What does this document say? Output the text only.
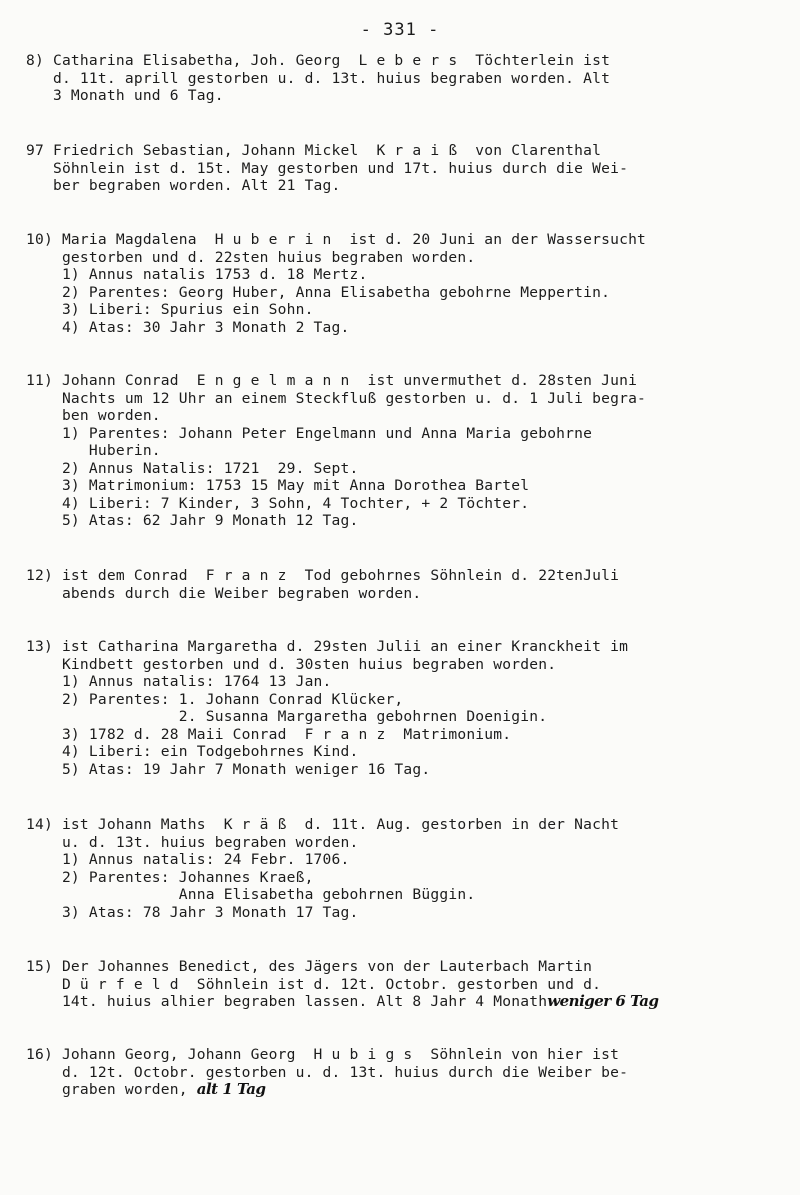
- 331 -
8) Catharina Elisabetha, Joh. Georg  L e b e r s  Töchterlein ist
d. 11t. aprill gestorben u. d. 13t. huius begraben worden. Alt
3 Monath und 6 Tag.
97 Friedrich Sebastian, Johann Mickel  K r a i ß  von Clarenthal
Söhnlein ist d. 15t. May gestorben und 17t. huius durch die Wei-
ber begraben worden. Alt 21 Tag.
10) Maria Magdalena  H u b e r i n  ist d. 20 Juni an der Wassersucht
gestorben und d. 22sten huius begraben worden.
1) Annus natalis 1753 d. 18 Mertz.
2) Parentes: Georg Huber, Anna Elisabetha gebohrne Meppertin.
3) Liberi: Spurius ein Sohn.
4) Atas: 30 Jahr 3 Monath 2 Tag.
11) Johann Conrad  E n g e l m a n n  ist unvermuthet d. 28sten Juni
Nachts um 12 Uhr an einem Steckfluß gestorben u. d. 1 Juli begra-
ben worden.
1) Parentes: Johann Peter Engelmann und Anna Maria gebohrne
Huberin.
2) Annus Natalis: 1721  29. Sept.
3) Matrimonium: 1753 15 May mit Anna Dorothea Bartel
4) Liberi: 7 Kinder, 3 Sohn, 4 Tochter, + 2 Töchter.
5) Atas: 62 Jahr 9 Monath 12 Tag.
12) ist dem Conrad  F r a n z  Tod gebohrnes Söhnlein d. 22tenJuli
abends durch die Weiber begraben worden.
13) ist Catharina Margaretha d. 29sten Julii an einer Kranckheit im
Kindbett gestorben und d. 30sten huius begraben worden.
1) Annus natalis: 1764 13 Jan.
2) Parentes: 1. Johann Conrad Klücker,
2. Susanna Margaretha gebohrnen Doenigin.
3) 1782 d. 28 Maii Conrad  F r a n z  Matrimonium.
4) Liberi: ein Todgebohrnes Kind.
5) Atas: 19 Jahr 7 Monath weniger 16 Tag.
14) ist Johann Maths  K r ä ß  d. 11t. Aug. gestorben in der Nacht
u. d. 13t. huius begraben worden.
1) Annus natalis: 24 Febr. 1706.
2) Parentes: Johannes Kraeß,
Anna Elisabetha gebohrnen Büggin.
3) Atas: 78 Jahr 3 Monath 17 Tag.
15) Der Johannes Benedict, des Jägers von der Lauterbach Martin
D ü r f e l d  Söhnlein ist d. 12t. Octobr. gestorben und d.
14t. huius alhier begraben lassen. Alt 8 Jahr 4 Monathweniger 6 Tag
16) Johann Georg, Johann Georg  H u b i g s  Söhnlein von hier ist
d. 12t. Octobr. gestorben u. d. 13t. huius durch die Weiber be-
graben worden, alt 1 Tag
